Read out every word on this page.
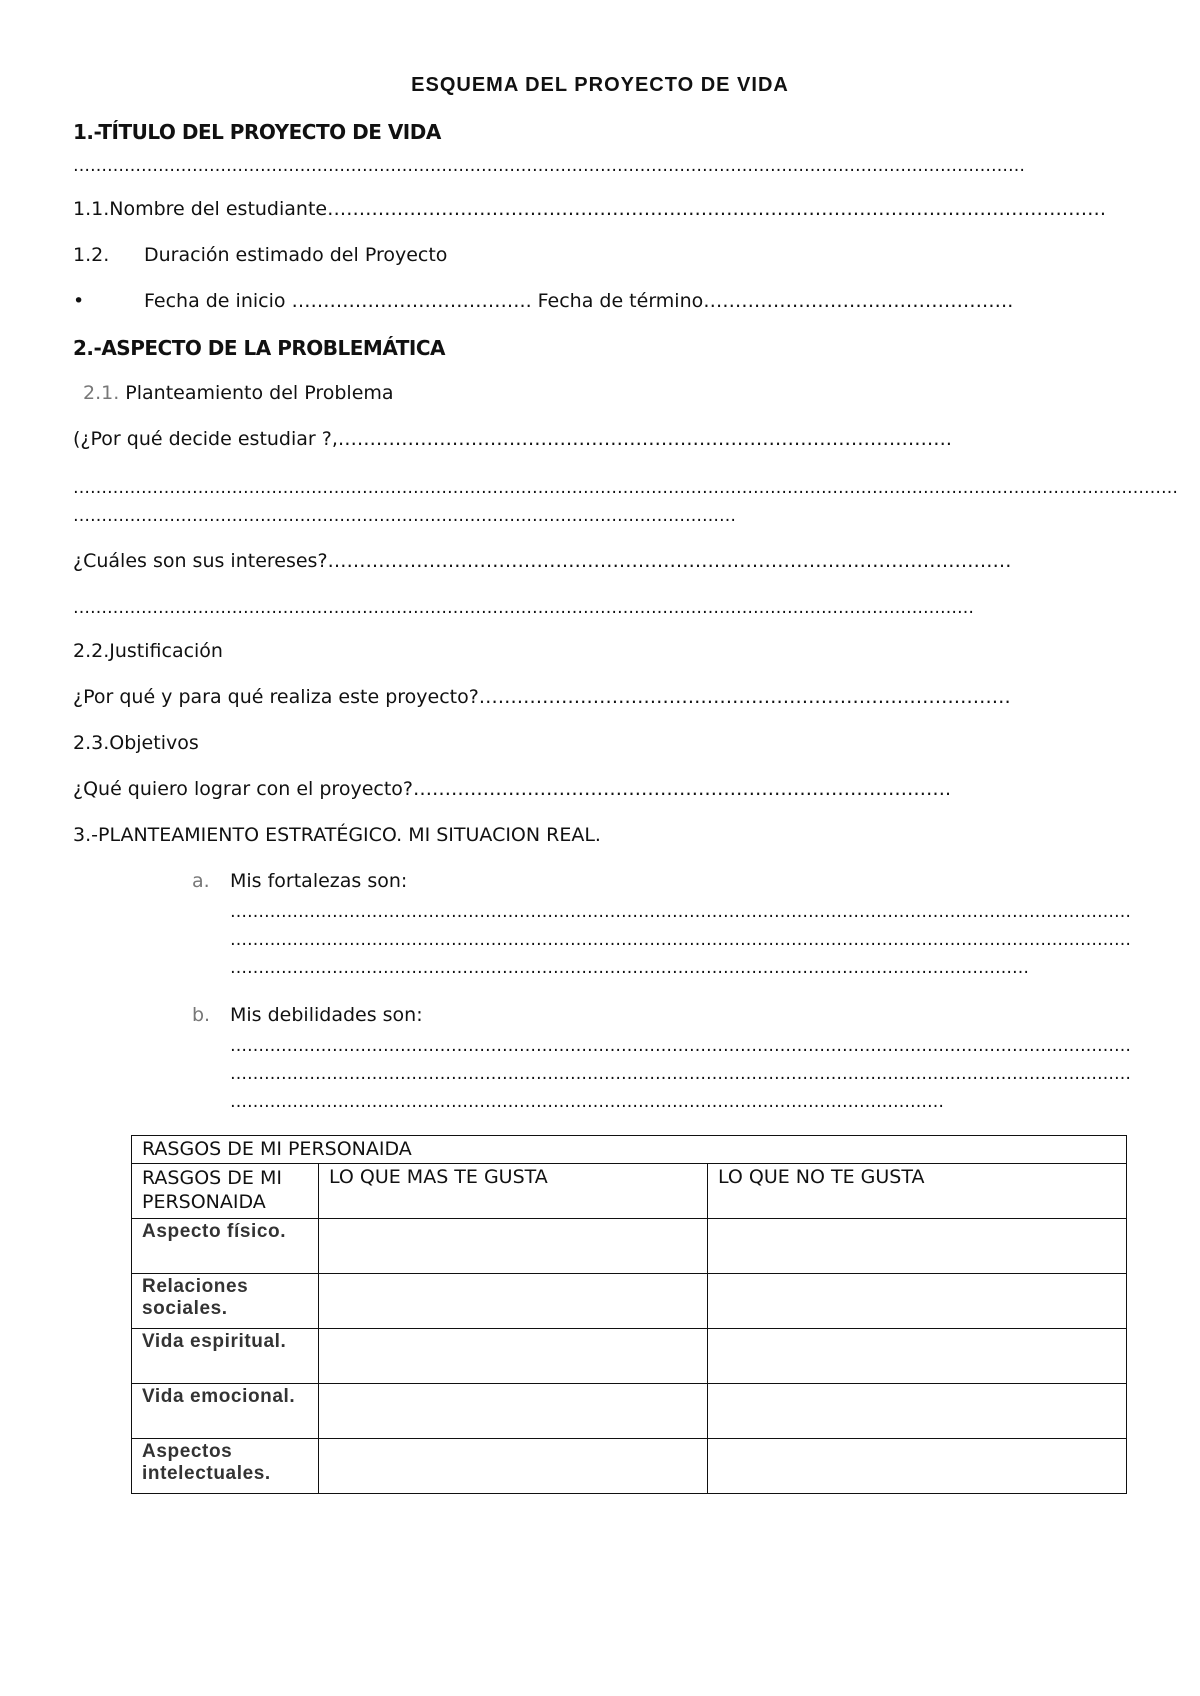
ESQUEMA DEL PROYECTO DE VIDA
1.-TÍTULO DEL PROYECTO DE VIDA
……………………………………………………………………………………………………………………………………………………
1.1.Nombre del estudiante……………………………………………………………………………………………………………
1.2. Duración estimado del Proyecto
•	Fecha de inicio ……………………………….. Fecha de término………………………………………….
2.-ASPECTO DE LA PROBLEMÁTICA
2.1. Planteamiento del Problema
(¿Por qué decide estudiar ?,…………………………………………………………………………………….
……………………………………………………………………………………………………………………………………………………………………………
………………………………………………………………………………………………………
¿Cuáles son sus intereses?………………………………………………………………………………………………
……………………………………………………………………………………………………………………………………………
2.2.Justificación
¿Por qué y para qué realiza este proyecto?…………………………………………………………………………
2.3.Objetivos
¿Qué quiero lograr con el proyecto?………………………………………………………………………….
3.-PLANTEAMIENTO ESTRATÉGICO. MI SITUACION REAL.
a. Mis fortalezas son:
……………………………………………………………………………………………………………………………………………
……………………………………………………………………………………………………………………………………………
……………………………………………………………………………………………………………………………
b. Mis debilidades son:
……………………………………………………………………………………………………………………………………………
……………………………………………………………………………………………………………………………………………
………………………………………………………………………………………………………………
RASGOS DE MI PERSONAIDA		
RASGOS DE MI PERSONAIDA	LO QUE MAS TE GUSTA	LO QUE NO TE GUSTA
Aspecto físico.		
Relaciones sociales.		
Vida espiritual.		
Vida emocional.		
Aspectos intelectuales.		
